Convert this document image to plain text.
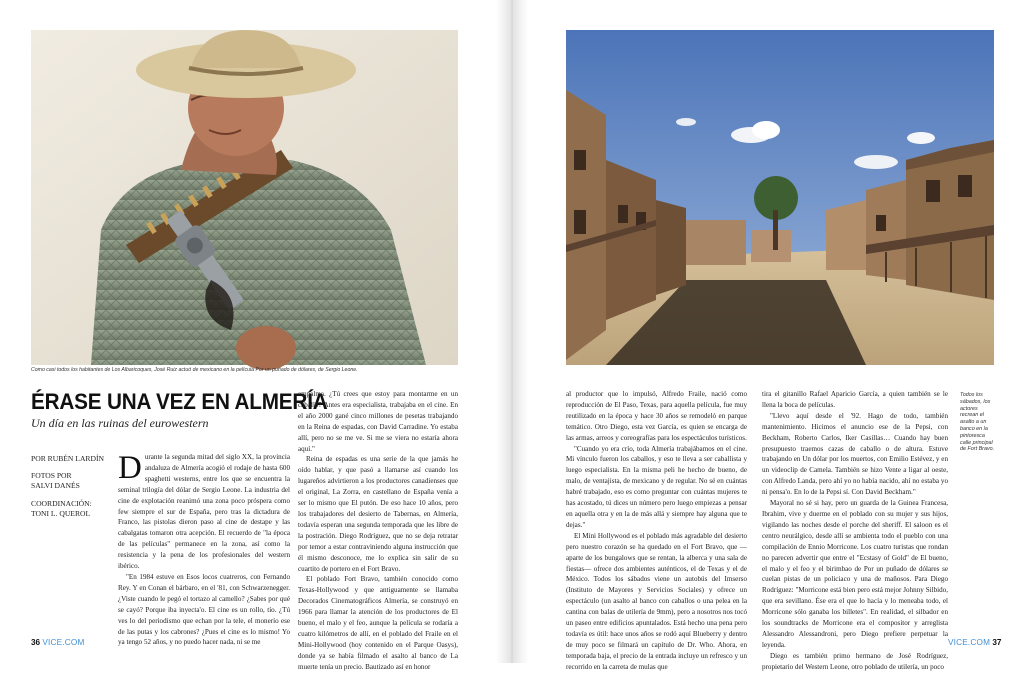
Como casi todos los habitantes de Los Albaricoques, José Ruiz actuó de mexicano en la película Por un puñado de dólares, de Sergio Leone.
ÉRASE UNA VEZ EN ALMERÍA
Un día en las ruinas del eurowestern
POR RUBÉN LARDÍN
FOTOS POR
SALVI DANÉS
COORDINACIÓN:
TONI L. QUEROL

Durante la segunda mitad del siglo XX, la provincia andaluza de Almería acogió el rodaje de hasta 600 spaghetti westerns, entre los que se encuentra la seminal trilogía del dólar de Sergio Leone. La industria del cine de explotación reanimó una zona poco próspera como few siempre el sur de España, pero tras la dictadura de Franco, las pistolas dieron paso al cine de destape y las cabalgatas tomaron otra acepción. El recuerdo de "la época de las películas" permanece en la zona, así como la resistencia y la pena de los profesionales del western ibérico.

"En 1984 estuve en Esos locos cuatreros, con Fernando Rey. Y en Conan el bárbaro, en el '81, con Schwarzenegger. ¿Viste cuando le pegó el tortazo al camello? ¿Sabes por qué se cayó? Porque iba inyecta'o. El cine es un rollo, tío. ¿Tú ves lo del periodismo que echan por la tele, el monerío ese de las putas y los cabrones? ¿Pues el cine es lo mismo! Yo ya tengo 52 años, y no puedo hacer nada, ni se me

empalma. ¿Tú crees que estoy para montarme en un caballo? Antes era especialista, trabajaba en el cine. En el año 2000 gané cinco millones de pesetas trabajando en la Reina de espadas, con David Carradine. Yo estaba allí, pero no se me ve. Si me se viera no estaría ahora aquí."

Reina de espadas es una serie de la que jamás he oído hablar, y que pasó a llamarse así cuando los lugareños advirtieron a los productores canadienses que el original, La Zorra, en castellano de España venía a ser lo mismo que El putón. De eso hace 10 años, pero los trabajadores del desierto de Tabernas, en Almería, todavía esperan una segunda temporada que les libre de la postración. Diego Rodríguez, que no se deja retratar por temor a estar contraviniendo alguna instrucción que él mismo desconoce, me lo explica sin salir de su cuartito de portero en el Fort Bravo.

El poblado Fort Bravo, también conocido como Texas-Hollywood y que antiguamente se llamaba Decorados Cinematográficos Almería, se construyó en 1966 para llamar la atención de los productores de El bueno, el malo y el feo, aunque la película se rodaría a cuatro kilómetros de allí, en el poblado del Fraile en el Mini-Hollywood (hoy contenido en el Parque Oasys), donde ya se había filmado el asalto al banco de La muerte tenía un precio. Bautizado así en honor

36 VICE.COM
Todos los sábados, los actores recrean el asalto a un banco en la pintoresca calle principal de Fort Bravo.

al productor que lo impulsó, Alfredo Fraile, nació como reproducción de El Paso, Texas, para aquella película, fue muy reutilizado en la época y hace 30 años se remodeló en parque temático. Otro Diego, esta vez García, es quien se encarga de las armas, arreos y coreografías para los espectáculos turísticos.

"Cuando yo era crío, toda Almería trabajábamos en el cine. Mi vínculo fueron los caballos, y eso te lleva a ser caballista y luego especialista. En la misma peli he hecho de bueno, de malo, de ventajista, de mexicano y de regular. No sé en cuántas habré trabajado, eso es como preguntar con cuántas mujeres te has acostado, tú dices un número pero luego empiezas a pensar en aquella otra y en la de más allá y siempre hay alguna que te dejas."

El Mini Hollywood es el poblado más agradable del desierto pero nuestro corazón se ha quedado en el Fort Bravo, que —aparte de los bungalows que se rentan, la alberca y una sala de fiestas— ofrece dos ambientes auténticos, el de Texas y el de México. Todos los sábados viene un autobús del Imserso (Instituto de Mayores y Servicios Sociales) y ofrece un espectáculo (un asalto al banco con caballos o una pelea en la cantina con balas de utilería de 9mm), pero a nosotros nos tocó un paseo entre edificios apuntalados. Está hecho una pena pero todavía es útil: hace unos años se rodó aquí Blueberry y dentro de muy poco se filmará un capítulo de Dr. Who. Ahora, en temporada baja, el precio de la entrada incluye un refresco y un recorrido en la carreta de mulas que

tira el gitanillo Rafael Aparicio García, a quien también se le llena la boca de películas.

"Llevo aquí desde el '92. Hago de todo, también mantenimiento. Hicimos el anuncio ese de la Pepsi, con Beckham, Roberto Carlos, Iker Casillas… Cuando hay buen presupuesto traemos cazas de caballo o de altura. Estuve trabajando en Un dólar por los muertos, con Emilio Estévez, y en un videoclip de Camela. También se hizo Vente a ligar al oeste, con Alfredo Landa, pero ahí yo no había nacido, ahí no estaba yo ni pensa'o. En lo de la Pepsi sí. Con David Beckham."

Mayoral no sé si hay, pero un guarda de la Guinea Francesa, Ibrahim, vive y duerme en el poblado con su mujer y sus hijos, vigilando las noches desde el porche del sheriff. El saloon es el centro neurálgico, desde allí se ambienta todo el pueblo con una compilación de Ennio Morricone. Los cuatro turistas que rondan no parecen advertir que entre el "Ecstasy of Gold" de El bueno, el malo y el feo y el birimbao de Por un puñado de dólares se cuelan pistas de un policiaco y una de mañosos. Para Diego Rodríguez: "Morricone está bien pero está mejor Johnny Silbido, que era sevillano. Ése era el que lo hacía y lo meneaba todo, el Morricone sólo ganaba los billetes". En realidad, el silbador en los soundtracks de Morricone era el compositor y arreglista Alessandro Alessandroni, pero Diego prefiere perpetuar la leyenda.

Diego es también primo hermano de José Rodríguez, propietario del Western Leone, otro poblado de utilería, un poco

VICE.COM 37
